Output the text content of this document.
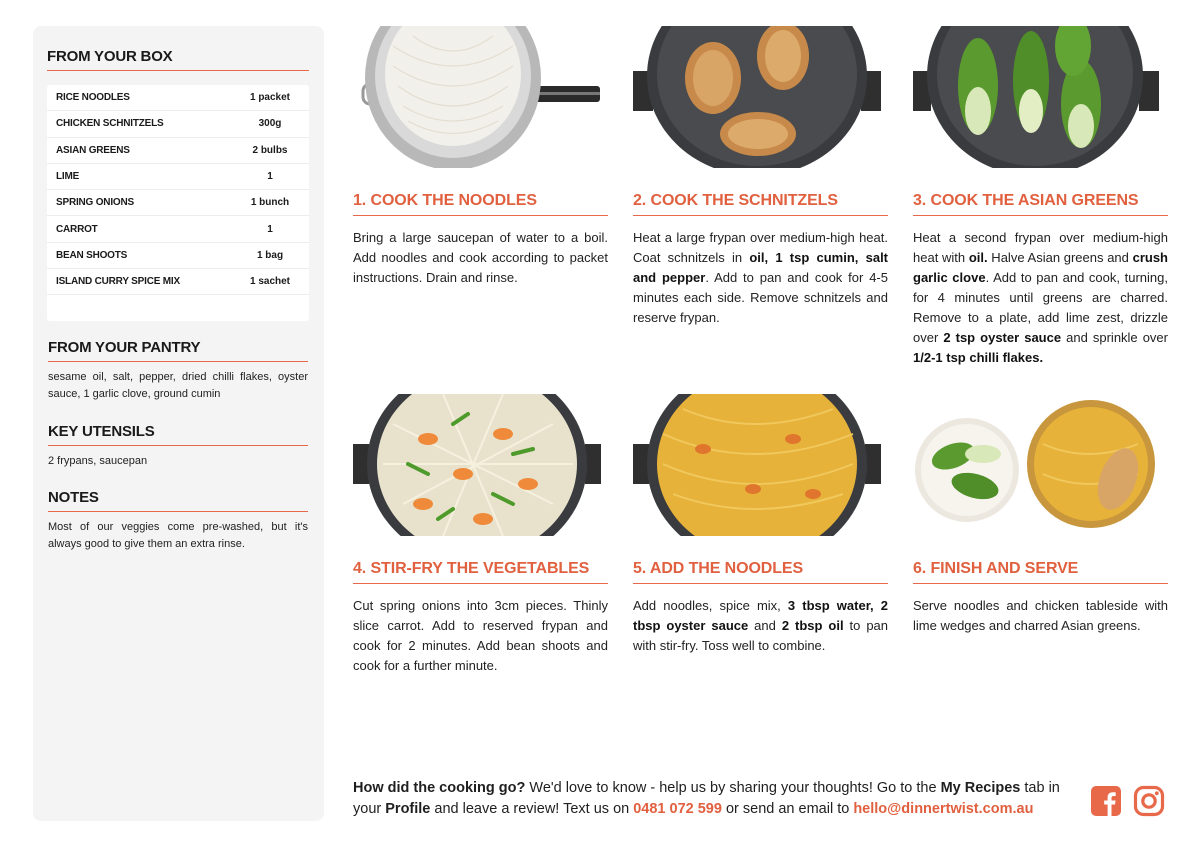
FROM YOUR BOX
RICE NOODLES	1 packet
CHICKEN SCHNITZELS	300g
ASIAN GREENS	2 bulbs
LIME	1
SPRING ONIONS	1 bunch
CARROT	1
BEAN SHOOTS	1 bag
ISLAND CURRY SPICE MIX	1 sachet
FROM YOUR PANTRY
sesame oil, salt, pepper, dried chilli flakes, oyster sauce, 1 garlic clove, ground cumin
KEY UTENSILS
2 frypans, saucepan
NOTES
Most of our veggies come pre-washed, but it's always good to give them an extra rinse.
1. COOK THE NOODLES
Bring a large saucepan of water to a boil. Add noodles and cook according to packet instructions. Drain and rinse.
2. COOK THE SCHNITZELS
Heat a large frypan over medium-high heat. Coat schnitzels in oil, 1 tsp cumin, salt and pepper. Add to pan and cook for 4-5 minutes each side. Remove schnitzels and reserve frypan.
3. COOK THE ASIAN GREENS
Heat a second frypan over medium-high heat with oil. Halve Asian greens and crush garlic clove. Add to pan and cook, turning, for 4 minutes until greens are charred. Remove to a plate, add lime zest, drizzle over 2 tsp oyster sauce and sprinkle over 1/2-1 tsp chilli flakes.
4. STIR-FRY THE VEGETABLES
Cut spring onions into 3cm pieces. Thinly slice carrot. Add to reserved frypan and cook for 2 minutes. Add bean shoots and cook for a further minute.
5. ADD THE NOODLES
Add noodles, spice mix, 3 tbsp water, 2 tbsp oyster sauce and 2 tbsp oil to pan with stir-fry. Toss well to combine.
6. FINISH AND SERVE
Serve noodles and chicken tableside with lime wedges and charred Asian greens.
How did the cooking go? We'd love to know - help us by sharing your thoughts! Go to the My Recipes tab in your Profile and leave a review! Text us on 0481 072 599 or send an email to hello@dinnertwist.com.au
